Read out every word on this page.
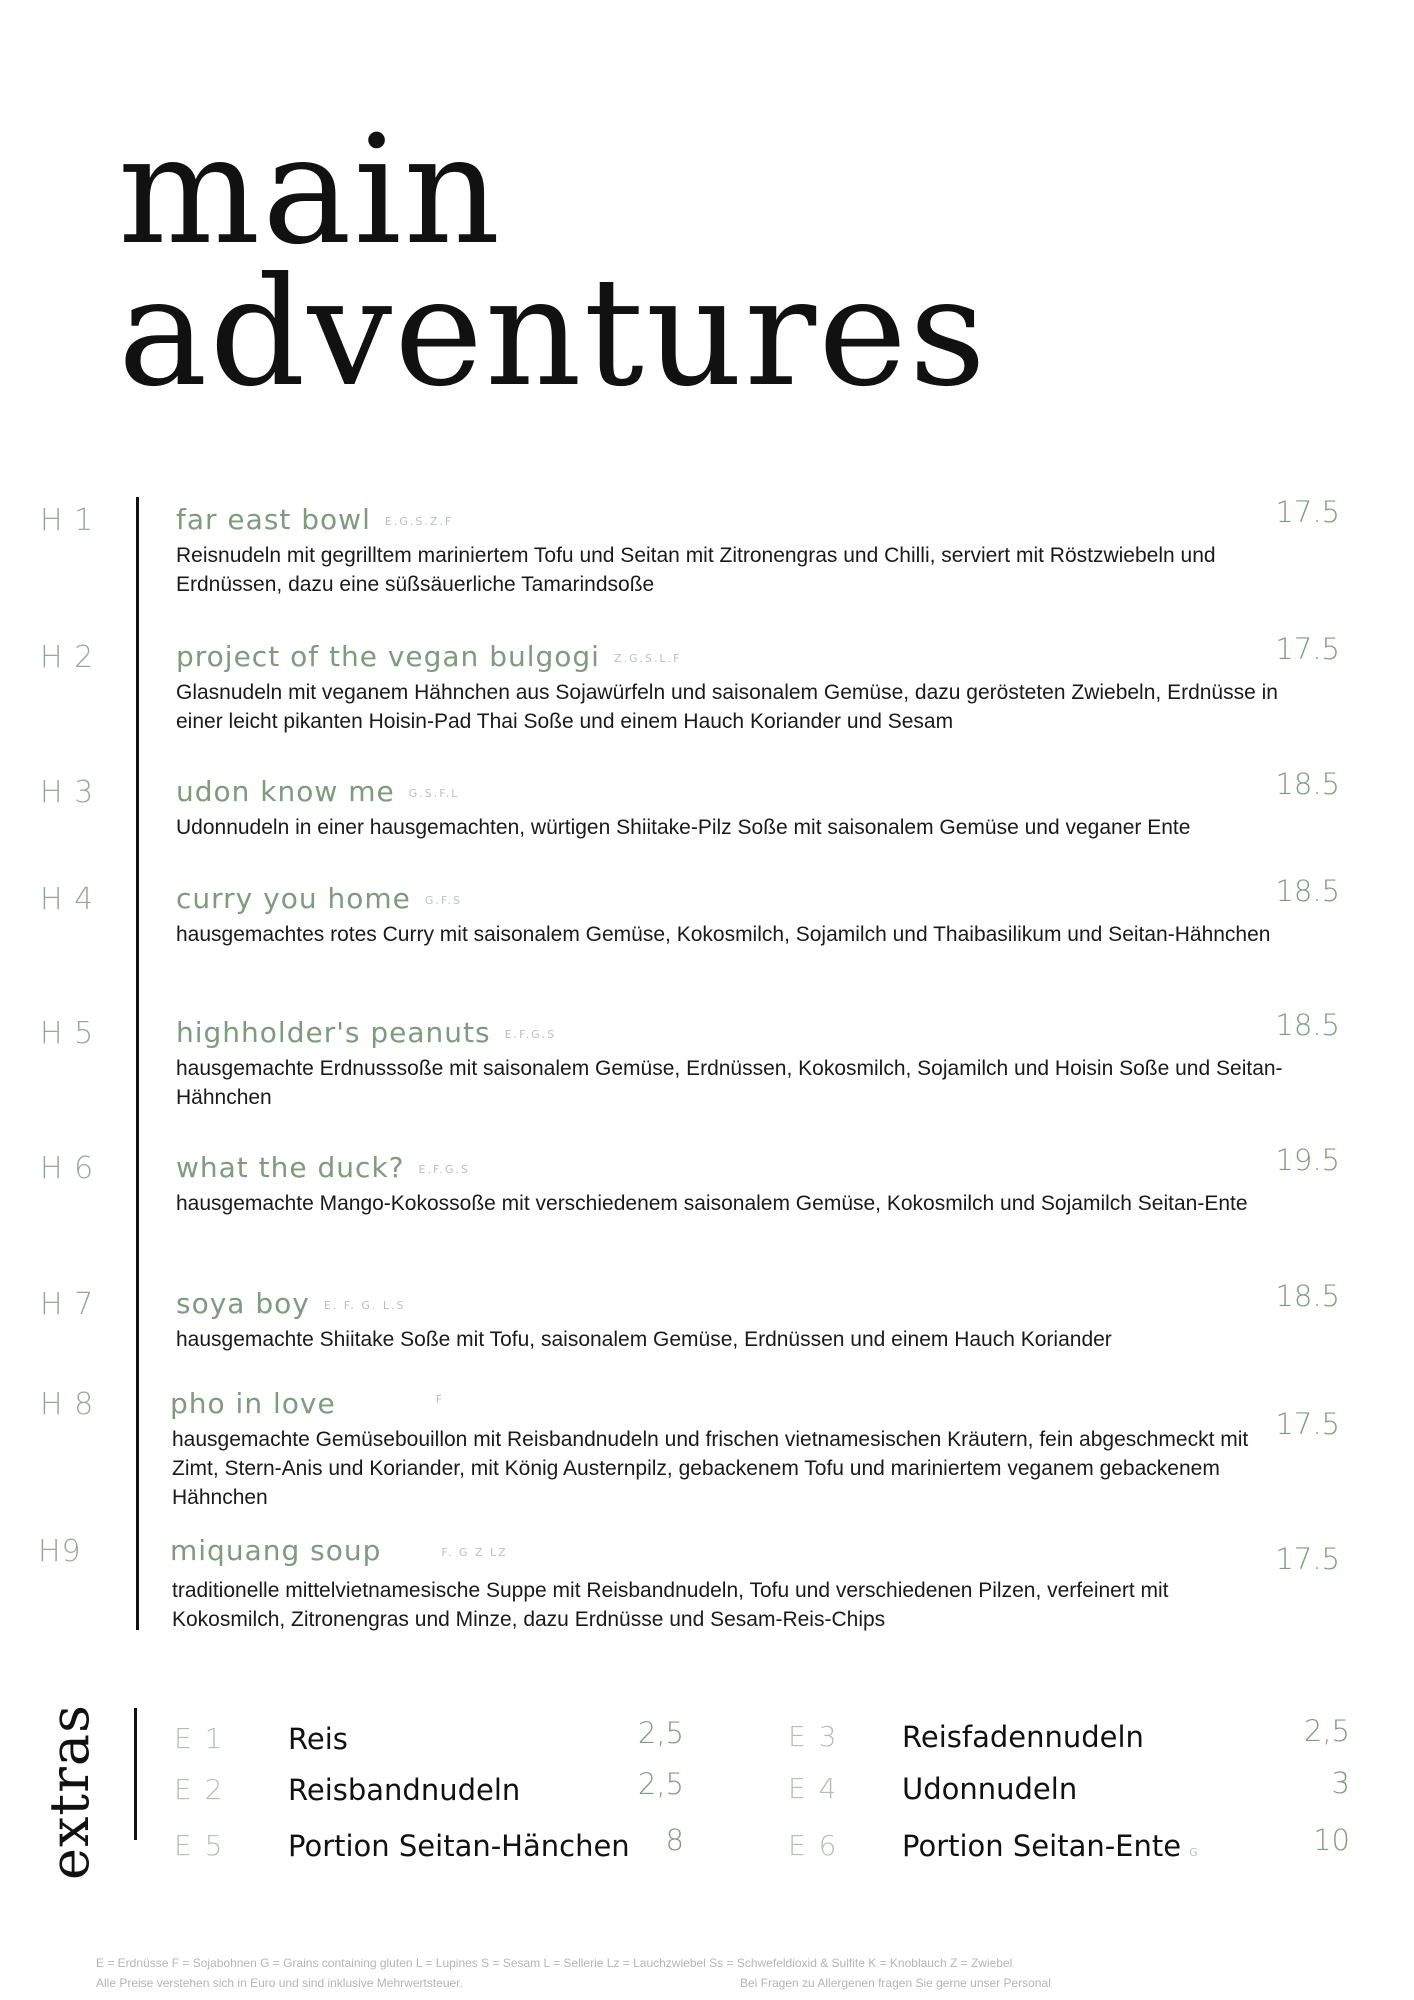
main
adventures
H 1	far east bowl E.G.S.Z.F

Reisnudeln mit gegrilltem mariniertem Tofu und Seitan mit Zitronengras und Chilli, serviert mit Röstzwiebeln und Erdnüssen, dazu eine süßsäuerliche Tamarindsoße

17.5
H 2	project of the vegan bulgogi Z.G.S.L.F

Glasnudeln mit veganem Hähnchen aus Sojawürfeln und saisonalem Gemüse, dazu gerösteten Zwiebeln, Erdnüsse in einer leicht pikanten Hoisin-Pad Thai Soße und einem Hauch Koriander und Sesam

17.5
H 3	udon know me G.S.F.L

Udonnudeln in einer hausgemachten, würtigen Shiitake-Pilz Soße mit saisonalem Gemüse und veganer Ente

18.5
H 4	curry you home G.F.S

hausgemachtes rotes Curry mit saisonalem Gemüse, Kokosmilch, Sojamilch und Thaibasilikum und Seitan-Hähnchen

18.5
H 5	highholder's peanuts E.F.G.S

hausgemachte Erdnusssoße mit saisonalem Gemüse, Erdnüssen, Kokosmilch, Sojamilch und Hoisin Soße und Seitan-Hähnchen

18.5
H 6	what the duck? E.F.G.S

hausgemachte Mango-Kokossoße mit verschiedenem saisonalem Gemüse, Kokosmilch und Sojamilch Seitan-Ente

19.5
H 7	soya boy E. F. G. L.S

hausgemachte Shiitake Soße mit Tofu, saisonalem Gemüse, Erdnüssen und einem Hauch Koriander

18.5
H 8	pho in love	$^F$

hausgemachte Gemüsebouillon mit Reisbandnudeln und frischen vietnamesischen Kräutern, fein abgeschmeckt mit Zimt, Stern-Anis und Koriander, mit König Austernpilz, gebackenem Tofu und mariniertem veganem gebackenem Hähnchen

17.5
H9	miquang soup	F. G Z LZ

traditionelle mittelvietnamesische Suppe mit Reisbandnudeln, Tofu und verschiedenen Pilzen, verfeinert mit Kokosmilch, Zitronengras und Minze, dazu Erdnüsse und Sesam-Reis-Chips

17.5
extras	E 1 Reis	2,5
E 2 Reisbandnudeln	2,5
E 5 Portion Seitan-Hänchen	8
E 3 Reisfadennudeln	2,5
E 4 Udonnudeln	3
E 6 Portion Seitan-Ente G	10
E = Erdnüsse F = Sojabohnen G = Grains containing gluten L = Lupines S = Sesam L = Sellerie Lz = Lauchzwiebel Ss = Schwefeldioxid & Sulfite K = Knoblauch Z = Zwiebel
Alle Preise verstehen sich in Euro und sind inklusive Mehrwertsteuer.	Bei Fragen zu Allergenen fragen Sie gerne unser Personal
